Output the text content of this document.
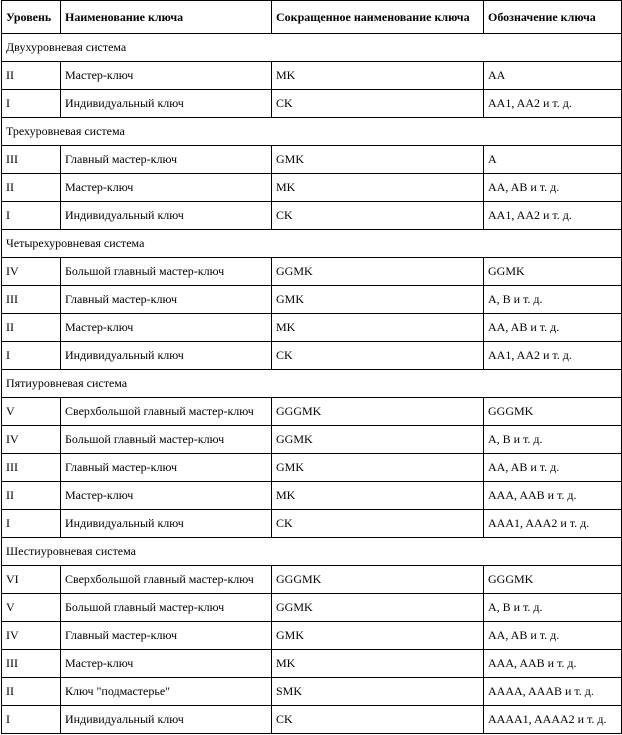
Уровень	Наименование ключа	Сокращенное наименование ключа	Обозначение ключа
Двухуровневая система			
II	Мастер-ключ	MK	AA
I	Индивидуальный ключ	CK	AA1, AA2 и т. д.
Трехуровневая система			
III	Главный мастер-ключ	GMK	A
II	Мастер-ключ	MK	AA, AB и т. д.
I	Индивидуальный ключ	CK	AA1, AA2 и т. д.
Четырехуровневая система			
IV	Большой главный мастер-ключ	GGMK	GGMK
III	Главный мастер-ключ	GMK	A, B и т. д.
II	Мастер-ключ	MK	AA, AB и т. д.
I	Индивидуальный ключ	CK	AA1, AA2 и т. д.
Пятиуровневая система			
V	Сверхбольшой главный мастер-ключ	GGGMK	GGGMK
IV	Большой главный мастер-ключ	GGMK	A, B и т. д.
III	Главный мастер-ключ	GMK	AA, AB и т. д.
II	Мастер-ключ	MK	AAA, AAB и т. д.
I	Индивидуальный ключ	CK	AAA1, AAA2 и т. д.
Шестиуровневая система			
VI	Сверхбольшой главный мастер-ключ	GGGMK	GGGMK
V	Большой главный мастер-ключ	GGMK	A, B и т. д.
IV	Главный мастер-ключ	GMK	AA, AB и т. д.
III	Мастер-ключ	MK	AAA, AAB и т. д.
II	Ключ "подмастерье"	SMK	AAAA, AAAB и т. д.
I	Индивидуальный ключ	CK	AAAA1, AAAA2 и т. д.
